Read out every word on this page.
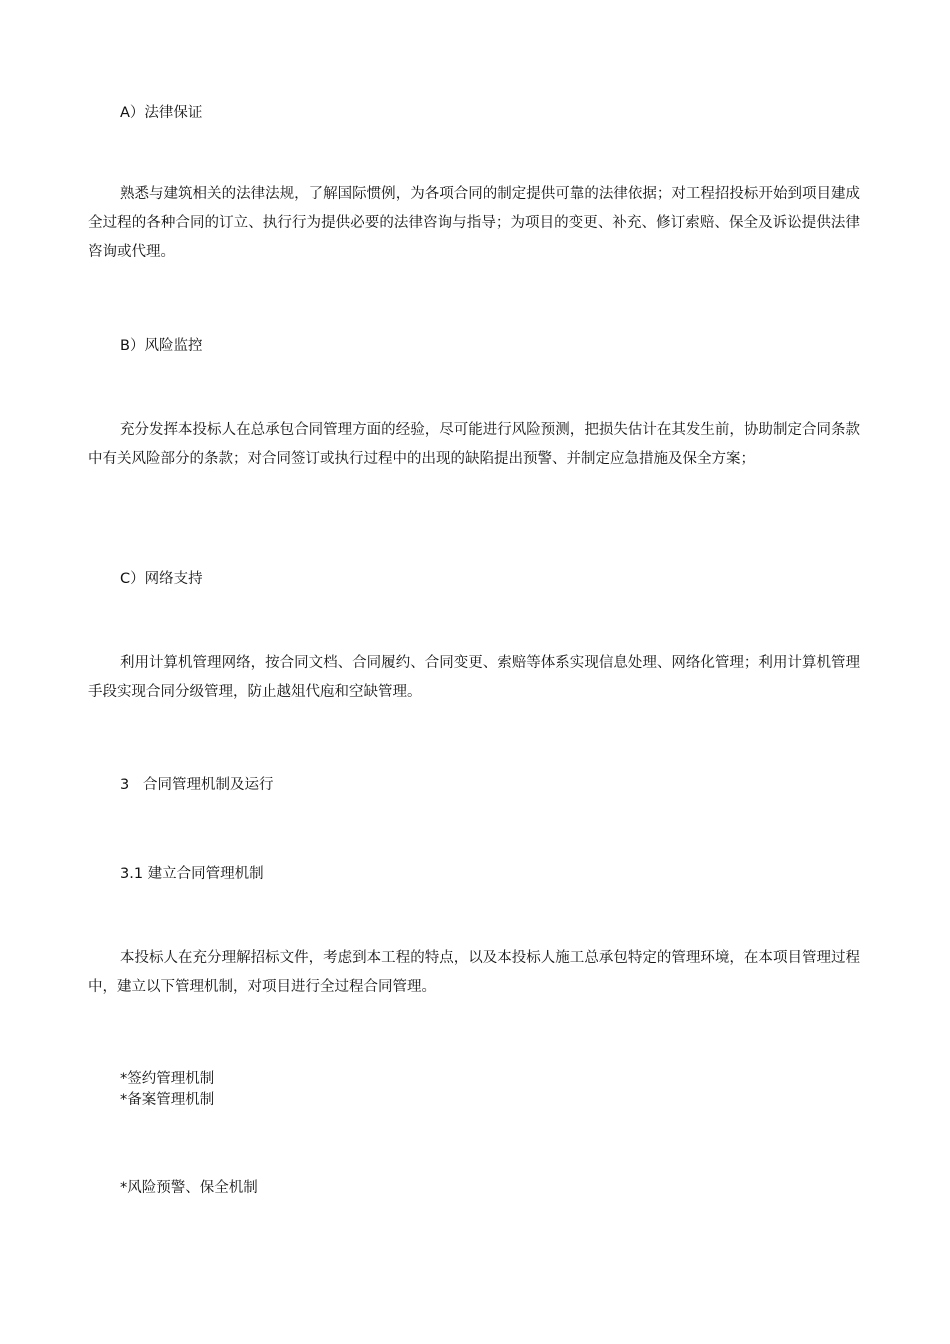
A）法律保证
熟悉与建筑相关的法律法规，了解国际惯例，为各项合同的制定提供可靠的法律依据；对工程招投标开始到项目建成全过程的各种合同的订立、执行行为提供必要的法律咨询与指导；为项目的变更、补充、修订索赔、保全及诉讼提供法律咨询或代理。
B）风险监控
充分发挥本投标人在总承包合同管理方面的经验，尽可能进行风险预测，把损失估计在其发生前，协助制定合同条款中有关风险部分的条款；对合同签订或执行过程中的出现的缺陷提出预警、并制定应急措施及保全方案；
C）网络支持
利用计算机管理网络，按合同文档、合同履约、合同变更、索赔等体系实现信息处理、网络化管理；利用计算机管理手段实现合同分级管理，防止越俎代庖和空缺管理。
3   合同管理机制及运行
3.1 建立合同管理机制
本投标人在充分理解招标文件，考虑到本工程的特点，以及本投标人施工总承包特定的管理环境，在本项目管理过程中，建立以下管理机制，对项目进行全过程合同管理。
*签约管理机制
*备案管理机制
*风险预警、保全机制
